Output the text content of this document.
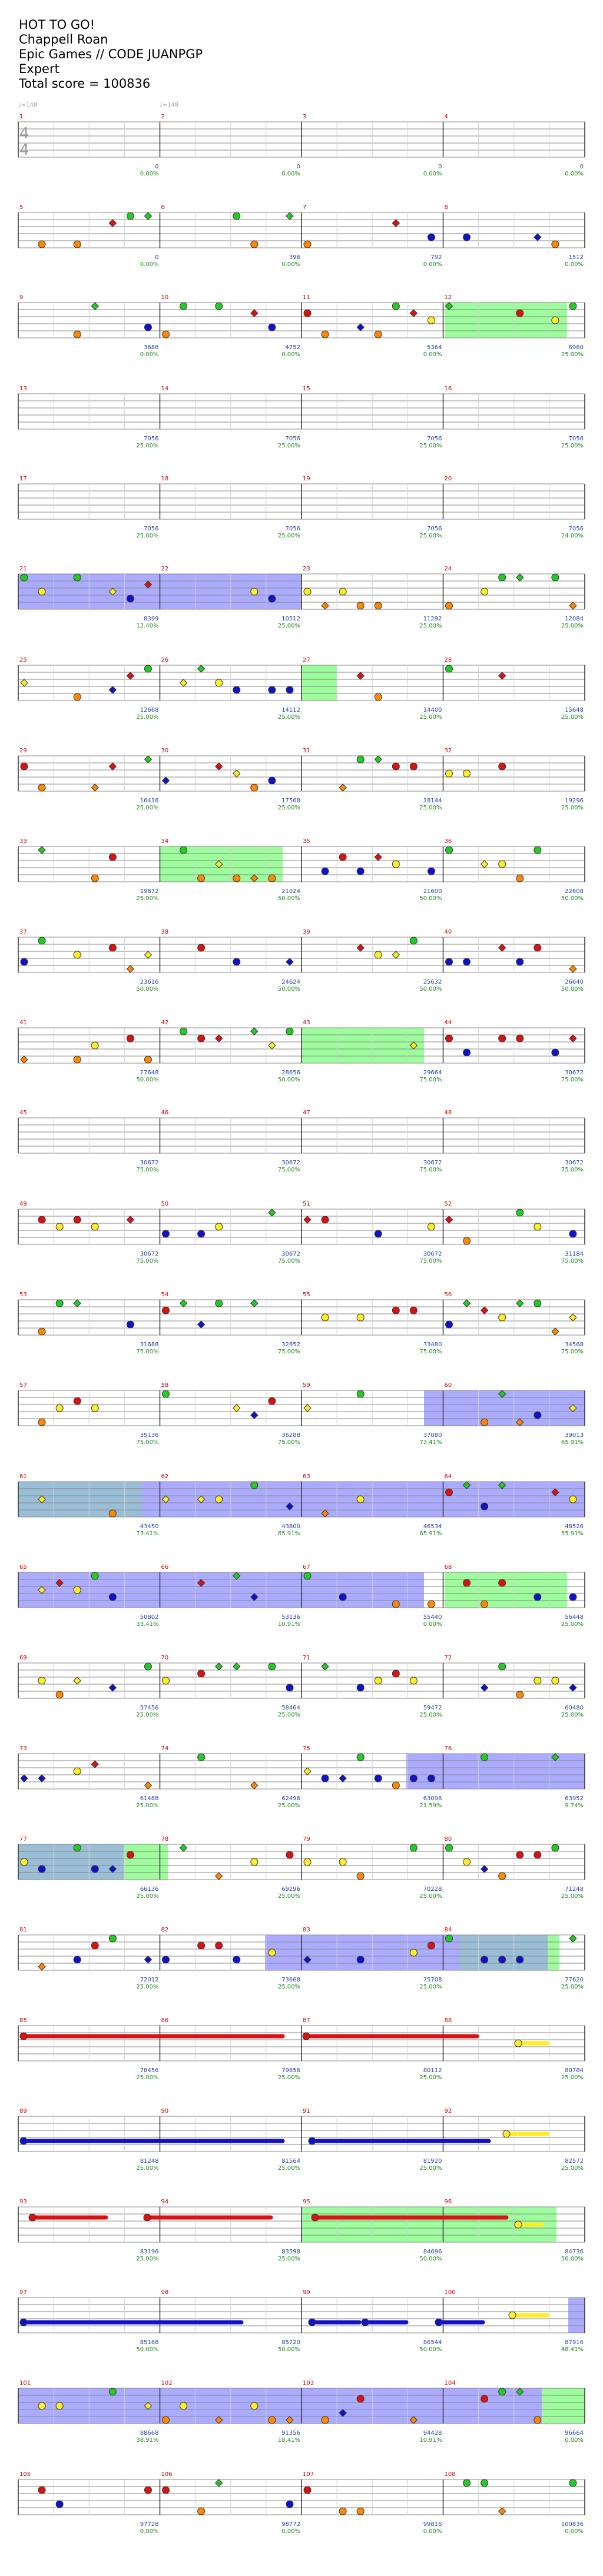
HOT TO GO!
Chappell Roan
Epic Games // CODE JUANPGP
Expert
Total score = 100836
1
0
0.00%
2
0
0.00%
3
0
0.00%
4
0
0.00%
5
0
0.00%
6
396
0.00%
7
792
0.00%
8
1512
0.00%
9
3688
0.00%
10
4752
0.00%
11
5364
0.00%
12
6960
25.00%
13
7056
25.00%
14
7056
25.00%
15
7056
25.00%
16
7056
25.00%
17
7056
25.00%
18
7056
25.00%
19
7056
25.00%
20
7056
24.00%
21
8399
12.40%
22
10512
25.00%
23
11292
25.00%
24
12084
25.00%
25
12668
25.00%
26
14112
25.00%
27
14400
25.00%
28
15648
25.00%
29
16416
25.00%
30
17568
25.00%
31
18144
25.00%
32
19296
25.00%
33
19872
25.00%
34
21024
50.00%
35
21600
50.00%
36
22608
50.00%
37
23616
50.00%
38
24624
50.00%
39
25632
50.00%
40
26640
50.00%
41
27648
50.00%
42
28656
50.00%
43
29664
75.00%
44
30672
75.00%
45
30672
75.00%
46
30672
75.00%
47
30672
75.00%
48
30672
75.00%
49
30672
75.00%
50
30672
75.00%
51
30672
75.00%
52
31184
75.00%
53
31688
75.00%
54
32652
75.00%
55
33480
75.00%
56
34568
75.00%
57
35136
75.00%
58
36288
75.00%
59
37080
73.41%
60
39013
65.91%
61
43450
73.41%
62
43800
65.91%
63
46534
65.91%
64
48526
55.91%
65
50802
33.41%
66
53136
10.91%
67
55440
0.00%
68
56448
25.00%
69
57456
25.00%
70
58464
25.00%
71
59472
25.00%
72
60480
25.00%
73
61488
25.00%
74
62496
25.00%
75
63096
21.59%
76
63952
9.74%
77
66136
25.00%
78
69296
25.00%
79
70228
25.00%
80
71248
25.00%
81
72012
25.00%
82
73668
25.00%
83
75708
25.00%
84
77620
25.00%
85
78456
25.00%
86
79656
25.00%
87
80112
25.00%
88
80784
25.00%
89
81248
25.00%
90
81564
25.00%
91
81920
25.00%
92
82572
25.00%
93
83196
25.00%
94
83598
25.00%
95
84696
50.00%
96
84736
50.00%
97
85168
50.00%
98
85720
50.00%
99
86544
50.00%
100
87916
48.41%
101
88668
38.91%
102
91356
18.41%
103
94428
10.91%
104
96664
0.00%
105
97728
0.00%
106
98772
0.00%
107
99816
0.00%
108
100836
0.00%
4
4
♩=148	♩=148
